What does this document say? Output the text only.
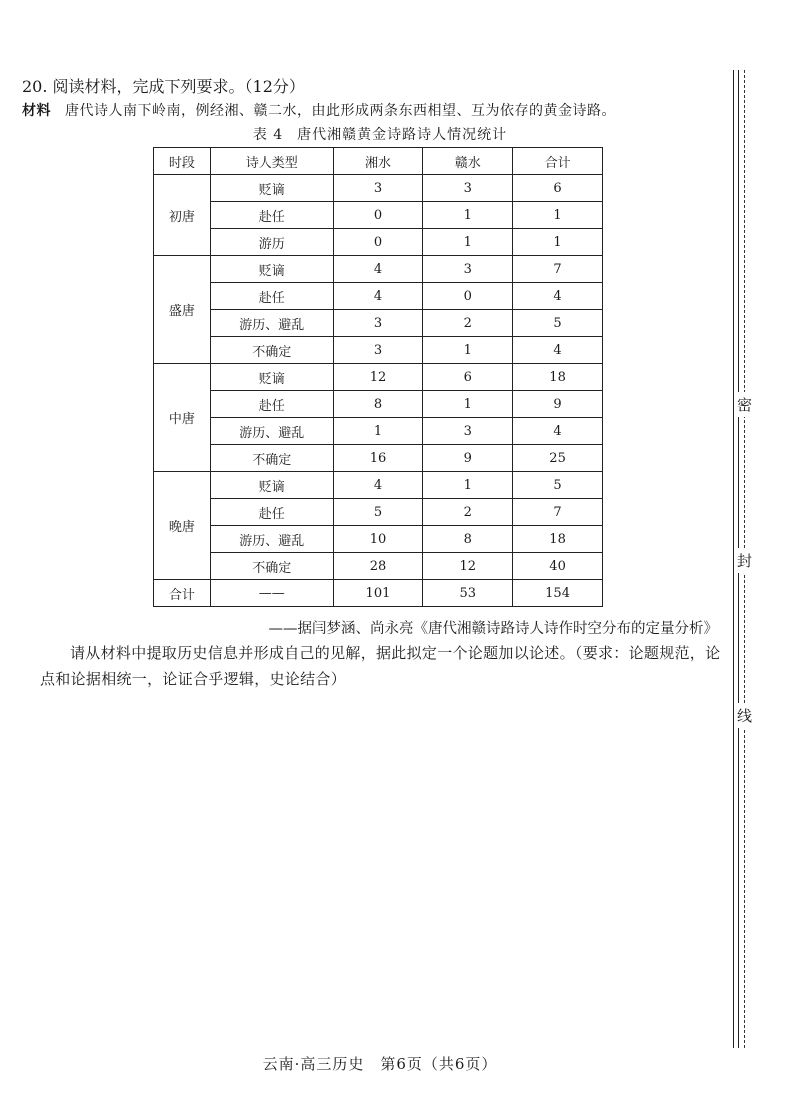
20. 阅读材料，完成下列要求。（12分）
材料 唐代诗人南下岭南，例经湘、赣二水，由此形成两条东西相望、互为依存的黄金诗路。
表 4 唐代湘赣黄金诗路诗人情况统计
时段	诗人类型	湘水	赣水	合计
初唐	贬谪	3	3	6
	赴任	0	1	1
	游历	0	1	1
盛唐	贬谪	4	3	7
	赴任	4	0	4
	游历、避乱	3	2	5
	不确定	3	1	4
中唐	贬谪	12	6	18
	赴任	8	1	9
	游历、避乱	1	3	4
	不确定	16	9	25
晚唐	贬谪	4	1	5
	赴任	5	2	7
	游历、避乱	10	8	18
	不确定	28	12	40
合计	——	101	53	154
——据闫梦涵、尚永亮《唐代湘赣诗路诗人诗作时空分布的定量分析》

请从材料中提取历史信息并形成自己的见解，据此拟定一个论题加以论述。（要求：论题规范，论点和论据相统一，论证合乎逻辑，史论结合）

密
封
线
云南·高三历史　第6页（共6页）
